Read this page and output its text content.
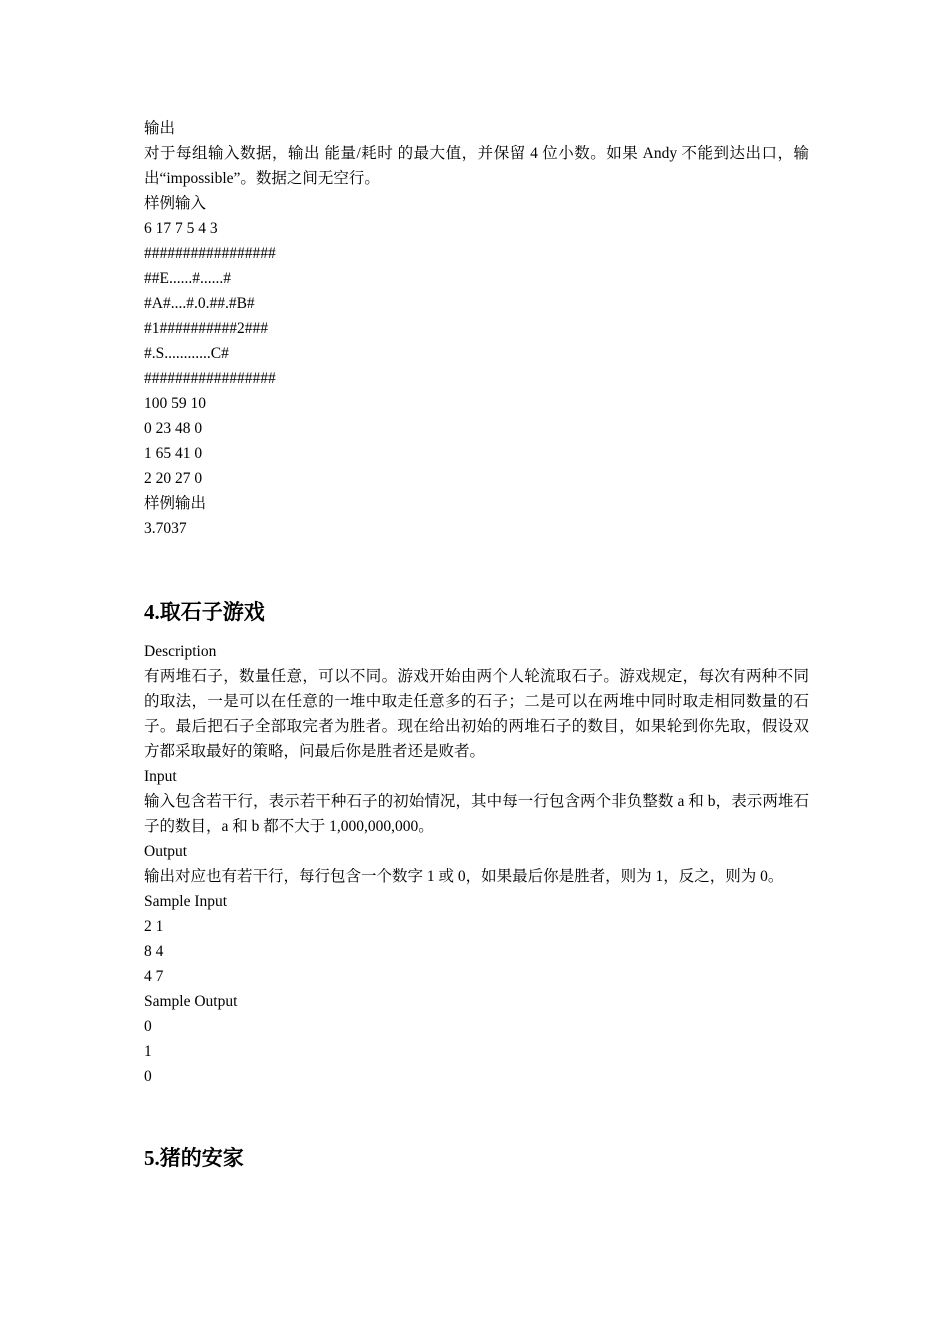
输出
对于每组输入数据，输出 能量/耗时 的最大值，并保留 4 位小数。如果 Andy 不能到达出口，输出“impossible”。数据之间无空行。
样例输入
6 17 7 5 4 3
#################
##E......#......#
#A#....#.0.##.#B#
#1##########2###
#.S............C#
#################
100 59 10
0 23 48 0
1 65 41 0
2 20 27 0
样例输出
3.7037
4.取石子游戏
Description
有两堆石子，数量任意，可以不同。游戏开始由两个人轮流取石子。游戏规定，每次有两种不同的取法，一是可以在任意的一堆中取走任意多的石子；二是可以在两堆中同时取走相同数量的石子。最后把石子全部取完者为胜者。现在给出初始的两堆石子的数目，如果轮到你先取，假设双方都采取最好的策略，问最后你是胜者还是败者。
Input
输入包含若干行，表示若干种石子的初始情况，其中每一行包含两个非负整数 a 和 b，表示两堆石子的数目，a 和 b 都不大于 1,000,000,000。
Output
输出对应也有若干行，每行包含一个数字 1 或 0，如果最后你是胜者，则为 1，反之，则为 0。
Sample Input
2 1
8 4
4 7
Sample Output
0
1
0
5.猪的安家
